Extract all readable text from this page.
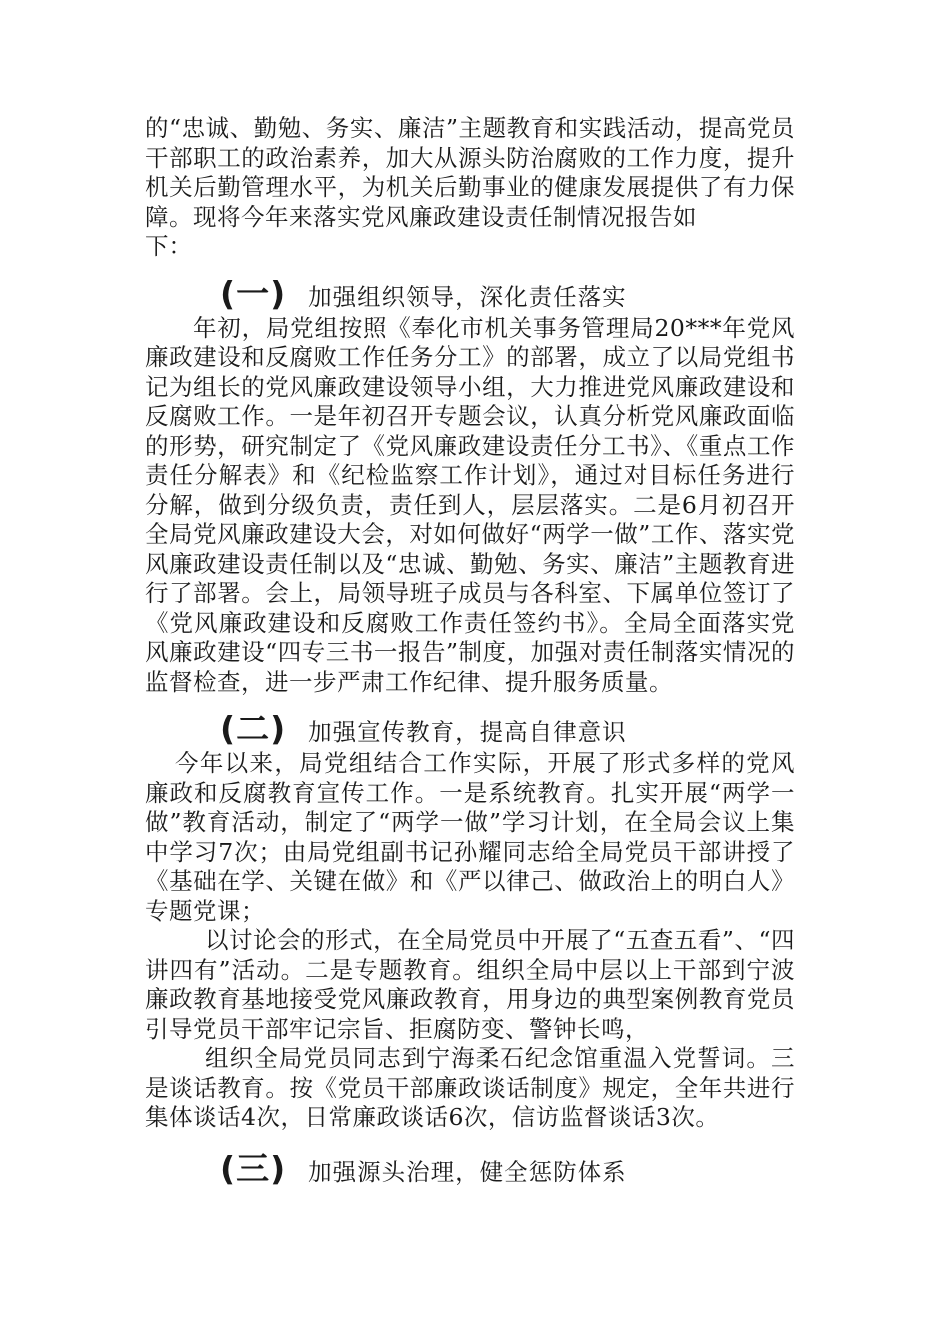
的“忠诚、勤勉、务实、廉洁”主题教育和实践活动，提高党员干部职工的政治素养，加大从源头防治腐败的工作力度，提升机关后勤管理水平，为机关后勤事业的健康发展提供了有力保障。现将今年来落实党风廉政建设责任制情况报告如

下：

(一) 加强组织领导，深化责任落实

年初，局党组按照《奉化市机关事务管理局20***年党风廉政建设和反腐败工作任务分工》的部署，成立了以局党组书记为组长的党风廉政建设领导小组，大力推进党风廉政建设和反腐败工作。一是年初召开专题会议，认真分析党风廉政面临的形势，研究制定了《党风廉政建设责任分工书》、《重点工作责任分解表》和《纪检监察工作计划》，通过对目标任务进行分解，做到分级负责，责任到人，层层落实。二是6月初召开全局党风廉政建设大会，对如何做好“两学一做”工作、落实党风廉政建设责任制以及“忠诚、勤勉、务实、廉洁”主题教育进行了部署。会上，局领导班子成员与各科室、下属单位签订了《党风廉政建设和反腐败工作责任签约书》。全局全面落实党风廉政建设“四专三书一报告”制度，加强对责任制落实情况的监督检查，进一步严肃工作纪律、提升服务质量。

(二) 加强宣传教育，提高自律意识

今年以来，局党组结合工作实际，开展了形式多样的党风廉政和反腐教育宣传工作。一是系统教育。扎实开展“两学一做”教育活动，制定了“两学一做”学习计划，在全局会议上集中学习7次；由局党组副书记孙耀同志给全局党员干部讲授了《基础在学、关键在做》和《严以律己、做政治上的明白人》专题党课；

以讨论会的形式，在全局党员中开展了“五查五看”、“四讲四有”活动。二是专题教育。组织全局中层以上干部到宁波廉政教育基地接受党风廉政教育，用身边的典型案例教育党员引导党员干部牢记宗旨、拒腐防变、警钟长鸣，

组织全局党员同志到宁海柔石纪念馆重温入党誓词。三是谈话教育。按《党员干部廉政谈话制度》规定，全年共进行集体谈话4次，日常廉政谈话6次，信访监督谈话3次。

(三) 加强源头治理，健全惩防体系
